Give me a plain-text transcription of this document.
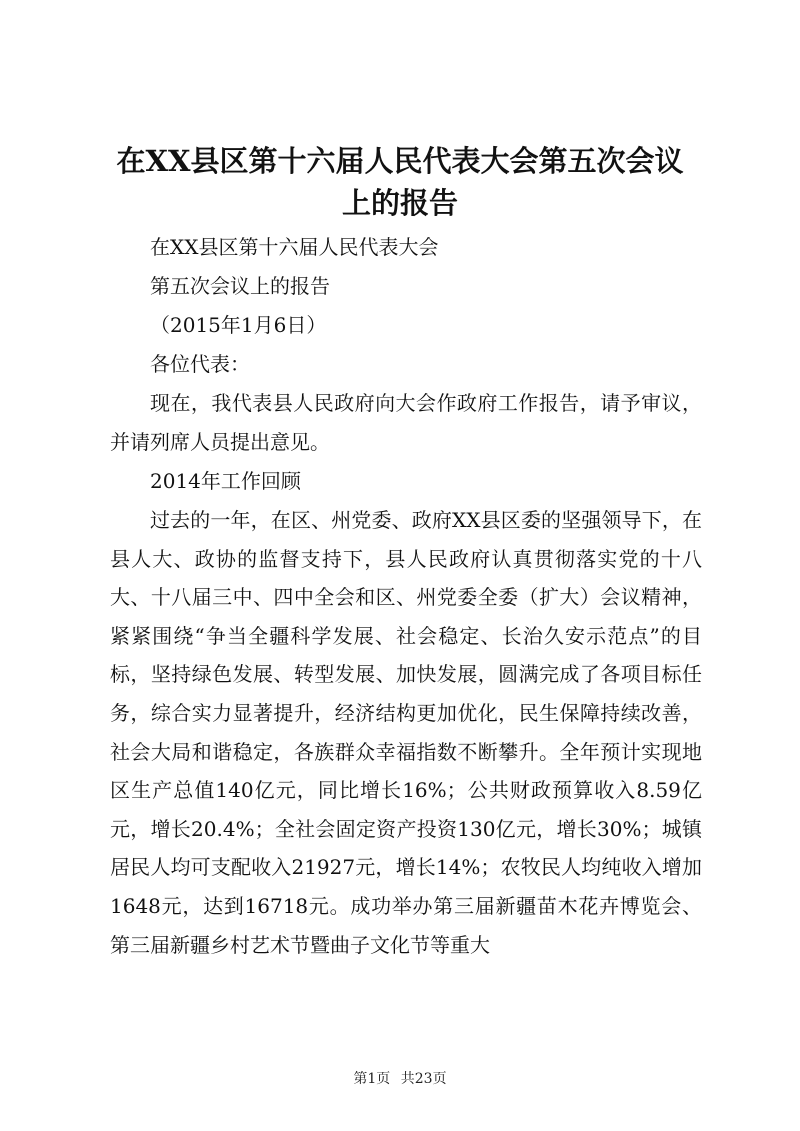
在XX县区第十六届人民代表大会第五次会议
上的报告

在XX县区第十六届人民代表大会

第五次会议上的报告

（2015年1月6日）

各位代表：

现在，我代表县人民政府向大会作政府工作报告，请予审议，并请列席人员提出意见。

2014年工作回顾

过去的一年，在区、州党委、政府XX县区委的坚强领导下，在县人大、政协的监督支持下，县人民政府认真贯彻落实党的十八大、十八届三中、四中全会和区、州党委全委（扩大）会议精神，紧紧围绕“争当全疆科学发展、社会稳定、长治久安示范点”的目标，坚持绿色发展、转型发展、加快发展，圆满完成了各项目标任务，综合实力显著提升，经济结构更加优化，民生保障持续改善，社会大局和谐稳定，各族群众幸福指数不断攀升。全年预计实现地区生产总值140亿元，同比增长16%；公共财政预算收入8.59亿元，增长20.4%；全社会固定资产投资130亿元，增长30%；城镇居民人均可支配收入21927元，增长14%；农牧民人均纯收入增加1648元，达到16718元。成功举办第三届新疆苗木花卉博览会、第三届新疆乡村艺术节暨曲子文化节等重大

第1页 共23页
